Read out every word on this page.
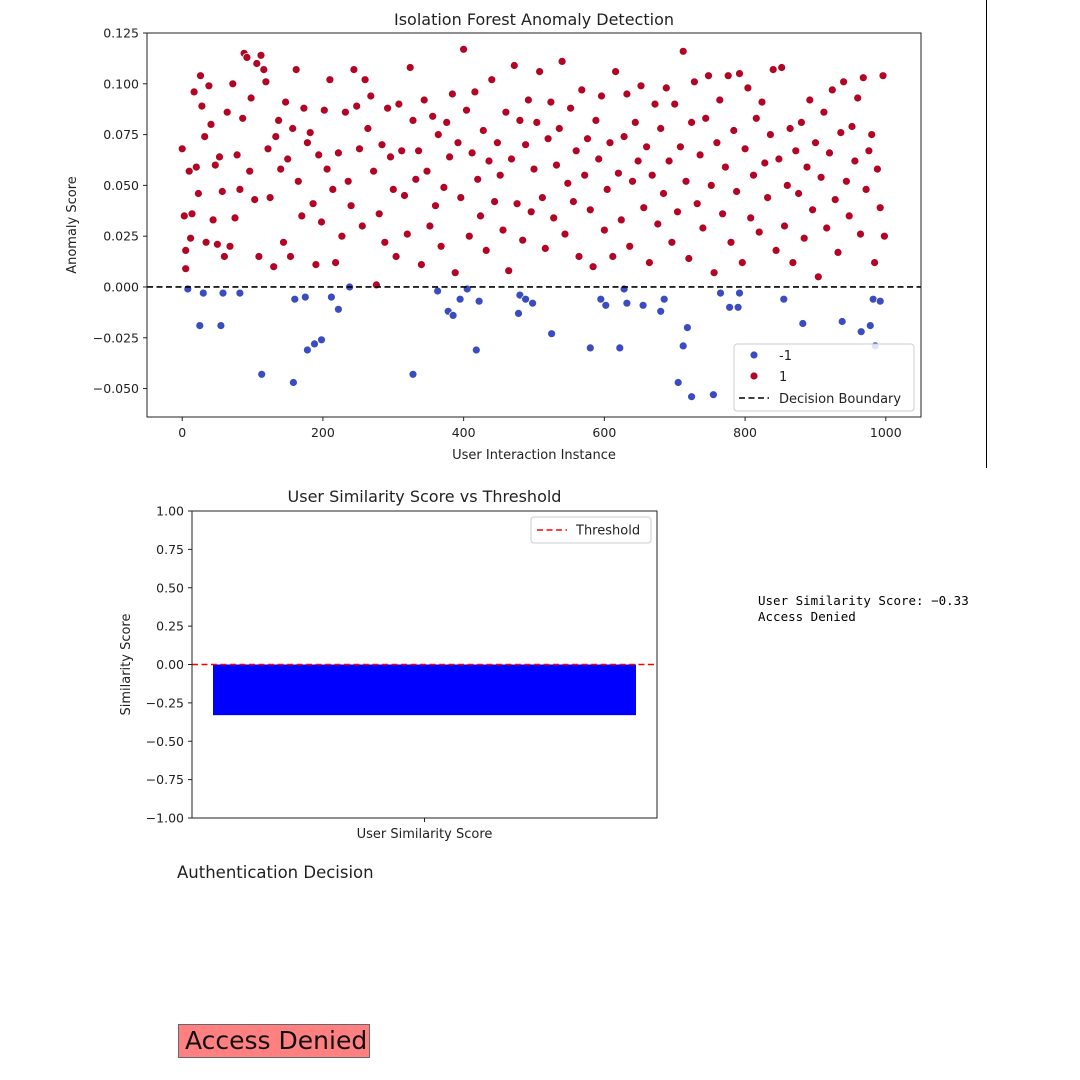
Isolation Forest Anomaly Detection
0	200	400	600	800	1000
−0.050
−0.025
0.000
0.025
0.050
0.075
0.100
0.125
User Interaction Instance
Anomaly Score
-1
1
Decision Boundary
User Similarity Score vs Threshold
−1.00
−0.75
−0.50
−0.25
0.00
0.25
0.50
0.75
1.00
User Similarity Score
Similarity Score
Threshold
User Similarity Score: −0.33
Access Denied
Authentication Decision
Access Denied
